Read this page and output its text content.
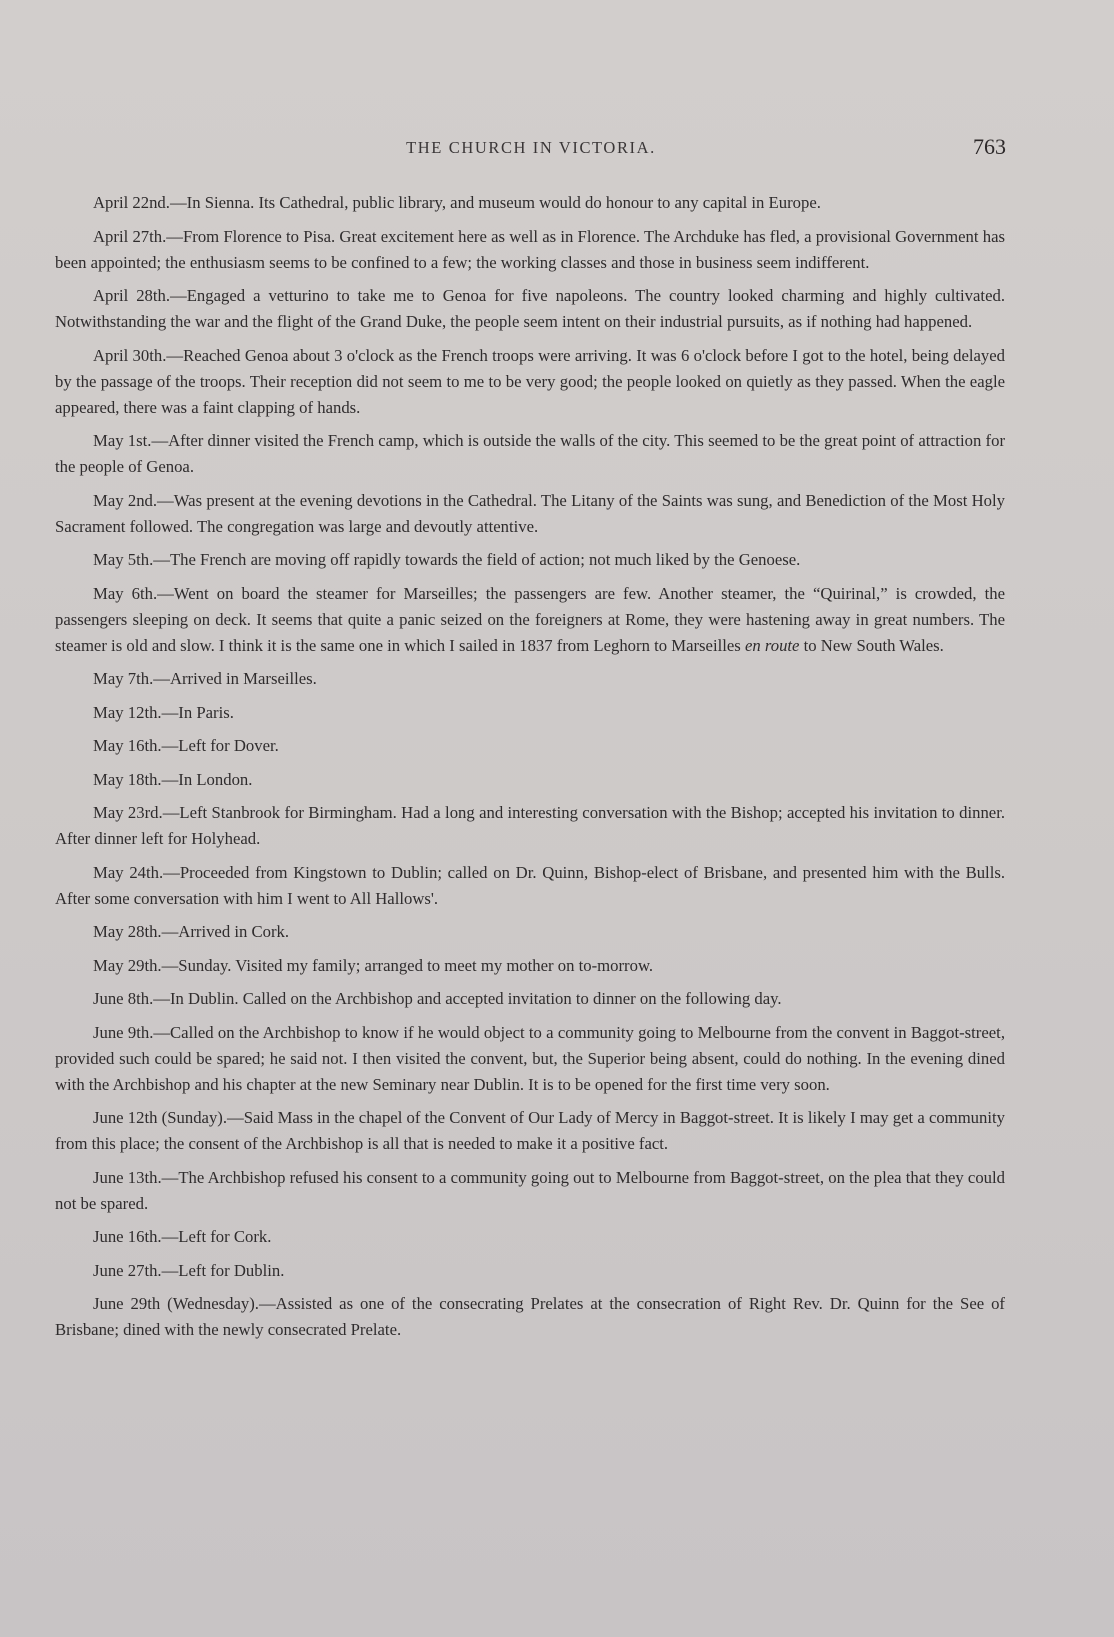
THE CHURCH IN VICTORIA.	763

April 22nd.—In Sienna. Its Cathedral, public library, and museum would do honour to any capital in Europe.

April 27th.—From Florence to Pisa. Great excitement here as well as in Florence. The Archduke has fled, a provisional Government has been appointed; the enthusiasm seems to be confined to a few; the working classes and those in business seem indifferent.

April 28th.—Engaged a vetturino to take me to Genoa for five napoleons. The country looked charming and highly cultivated. Notwithstanding the war and the flight of the Grand Duke, the people seem intent on their industrial pursuits, as if nothing had happened.

April 30th.—Reached Genoa about 3 o'clock as the French troops were arriving. It was 6 o'clock before I got to the hotel, being delayed by the passage of the troops. Their reception did not seem to me to be very good; the people looked on quietly as they passed. When the eagle appeared, there was a faint clapping of hands.

May 1st.—After dinner visited the French camp, which is outside the walls of the city. This seemed to be the great point of attraction for the people of Genoa.

May 2nd.—Was present at the evening devotions in the Cathedral. The Litany of the Saints was sung, and Benediction of the Most Holy Sacrament followed. The congregation was large and devoutly attentive.

May 5th.—The French are moving off rapidly towards the field of action; not much liked by the Genoese.

May 6th.—Went on board the steamer for Marseilles; the passengers are few. Another steamer, the “Quirinal,” is crowded, the passengers sleeping on deck. It seems that quite a panic seized on the foreigners at Rome, they were hastening away in great numbers. The steamer is old and slow. I think it is the same one in which I sailed in 1837 from Leghorn to Marseilles en route to New South Wales.

May 7th.—Arrived in Marseilles.

May 12th.—In Paris.

May 16th.—Left for Dover.

May 18th.—In London.

May 23rd.—Left Stanbrook for Birmingham. Had a long and interesting conversation with the Bishop; accepted his invitation to dinner. After dinner left for Holyhead.

May 24th.—Proceeded from Kingstown to Dublin; called on Dr. Quinn, Bishop-elect of Brisbane, and presented him with the Bulls. After some conversation with him I went to All Hallows'.

May 28th.—Arrived in Cork.

May 29th.—Sunday. Visited my family; arranged to meet my mother on to-morrow.

June 8th.—In Dublin. Called on the Archbishop and accepted invitation to dinner on the following day.

June 9th.—Called on the Archbishop to know if he would object to a community going to Melbourne from the convent in Baggot-street, provided such could be spared; he said not. I then visited the convent, but, the Superior being absent, could do nothing. In the evening dined with the Archbishop and his chapter at the new Seminary near Dublin. It is to be opened for the first time very soon.

June 12th (Sunday).—Said Mass in the chapel of the Convent of Our Lady of Mercy in Baggot-street. It is likely I may get a community from this place; the consent of the Archbishop is all that is needed to make it a positive fact.

June 13th.—The Archbishop refused his consent to a community going out to Melbourne from Baggot-street, on the plea that they could not be spared.

June 16th.—Left for Cork.

June 27th.—Left for Dublin.

June 29th (Wednesday).—Assisted as one of the consecrating Prelates at the consecration of Right Rev. Dr. Quinn for the See of Brisbane; dined with the newly consecrated Prelate.
